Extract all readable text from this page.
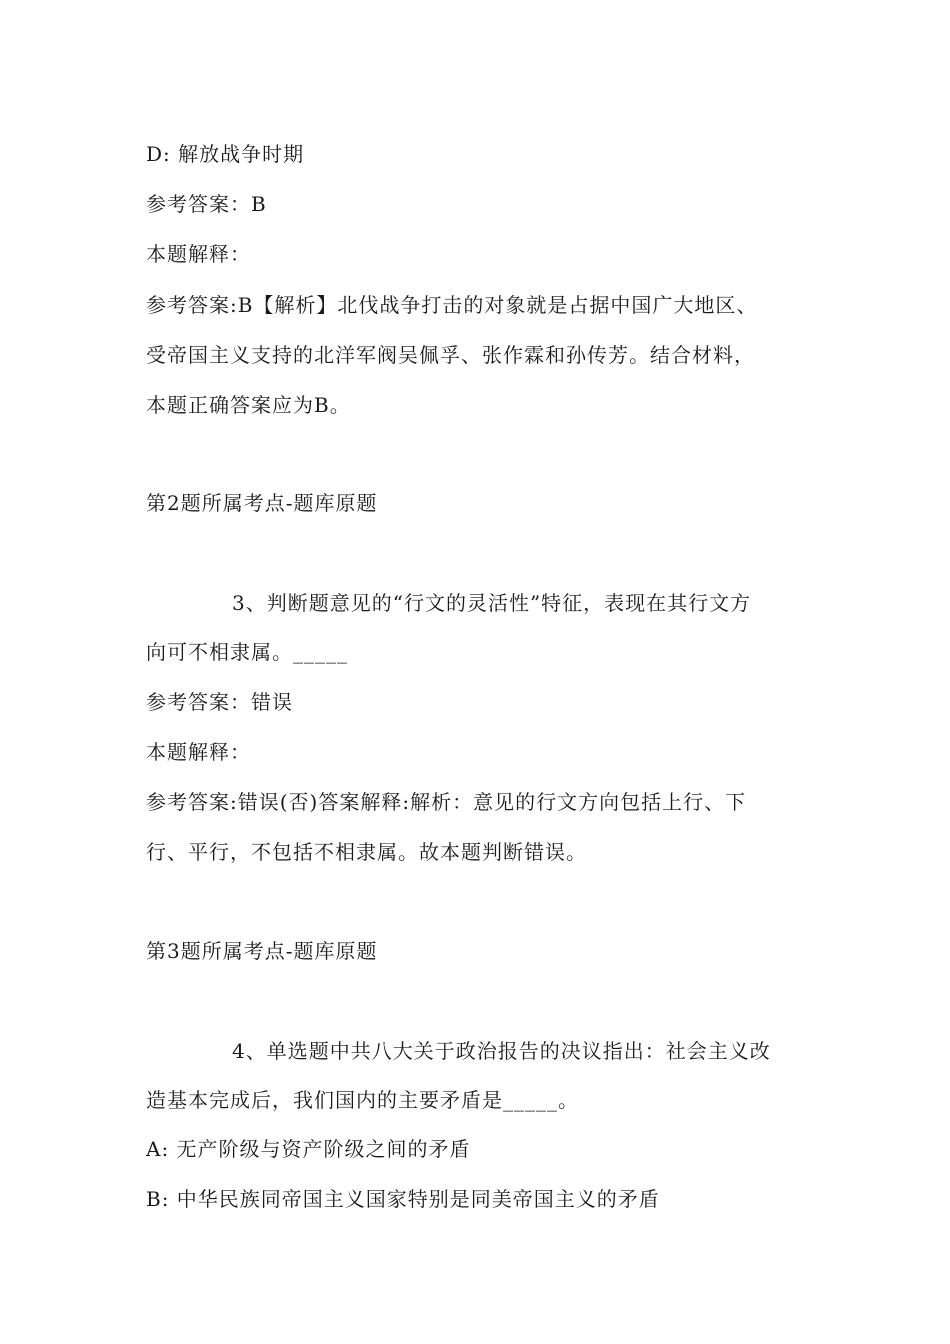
D: 解放战争时期
参考答案：B
本题解释：
参考答案:B【解析】北伐战争打击的对象就是占据中国广大地区、
受帝国主义支持的北洋军阀吴佩孚、张作霖和孙传芳。结合材料，
本题正确答案应为B。
第2题所属考点-题库原题
3、判断题意见的“行文的灵活性”特征，表现在其行文方
向可不相隶属。_____
参考答案：错误
本题解释：
参考答案:错误(否)答案解释:解析：意见的行文方向包括上行、下
行、平行，不包括不相隶属。故本题判断错误。
第3题所属考点-题库原题
4、单选题中共八大关于政治报告的决议指出：社会主义改
造基本完成后，我们国内的主要矛盾是_____。
A: 无产阶级与资产阶级之间的矛盾
B: 中华民族同帝国主义国家特别是同美帝国主义的矛盾
